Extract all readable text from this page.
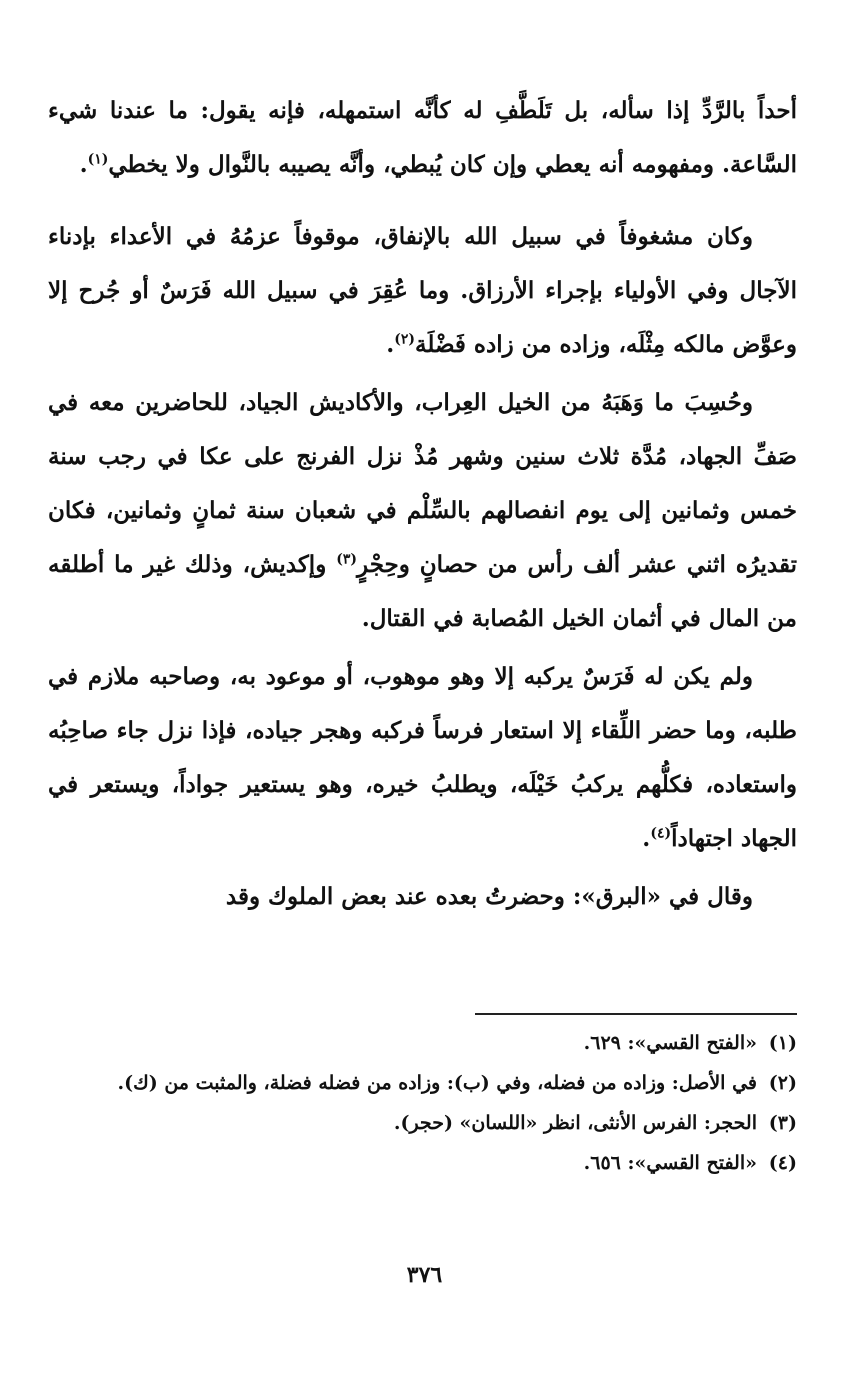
أحداً بالرَّدِّ إذا سأله، بل تَلَطَّفِ له كأنَّه استمهله، فإنه يقول: ما عندنا شيء السَّاعة. ومفهومه أنه يعطي وإن كان يُبطي، وأنَّه يصيبه بالنَّوال ولا يخطي$^{(١)}$.

وكان مشغوفاً في سبيل الله بالإنفاق، موقوفاً عزمُهُ في الأعداء بإدناء الآجال وفي الأولياء بإجراء الأرزاق. وما عُقِرَ في سبيل الله فَرَسٌ أو جُرح إلا وعوَّض مالكه مِثْلَه، وزاده من زاده فَضْلَة$^{(٢)}$.

وحُسِبَ ما وَهَبَهُ من الخيل العِراب، والأكاديش الجياد، للحاضرين معه في صَفِّ الجهاد، مُدَّة ثلاث سنين وشهر مُذْ نزل الفرنج على عكا في رجب سنة خمس وثمانين إلى يوم انفصالهم بالسِّلْم في شعبان سنة ثمانٍ وثمانين، فكان تقديرُه اثني عشر ألف رأس من حصانٍ وحِجْرٍ$^{(٣)}$ وإكديش، وذلك غير ما أطلقه من المال في أثمان الخيل المُصابة في القتال.

ولم يكن له فَرَسٌ يركبه إلا وهو موهوب، أو موعود به، وصاحبه ملازم في طلبه، وما حضر اللِّقاء إلا استعار فرساً فركبه وهجر جياده، فإذا نزل جاء صاحِبُه واستعاده، فكلُّهم يركبُ خَيْلَه، ويطلبُ خيره، وهو يستعير جواداً، ويستعر في الجهاد اجتهاداً$^{(٤)}$.

وقال في «البرق»: وحضرتُ بعده عند بعض الملوك وقد

(١)
«الفتح القسي»: ٦٢٩.
(٢)
في الأصل: وزاده من فضله، وفي (ب): وزاده من فضله فضلة، والمثبت من (ك).
(٣)
الحجر: الفرس الأنثى، انظر «اللسان» (حجر).
(٤)
«الفتح القسي»: ٦٥٦.
٣٧٦
